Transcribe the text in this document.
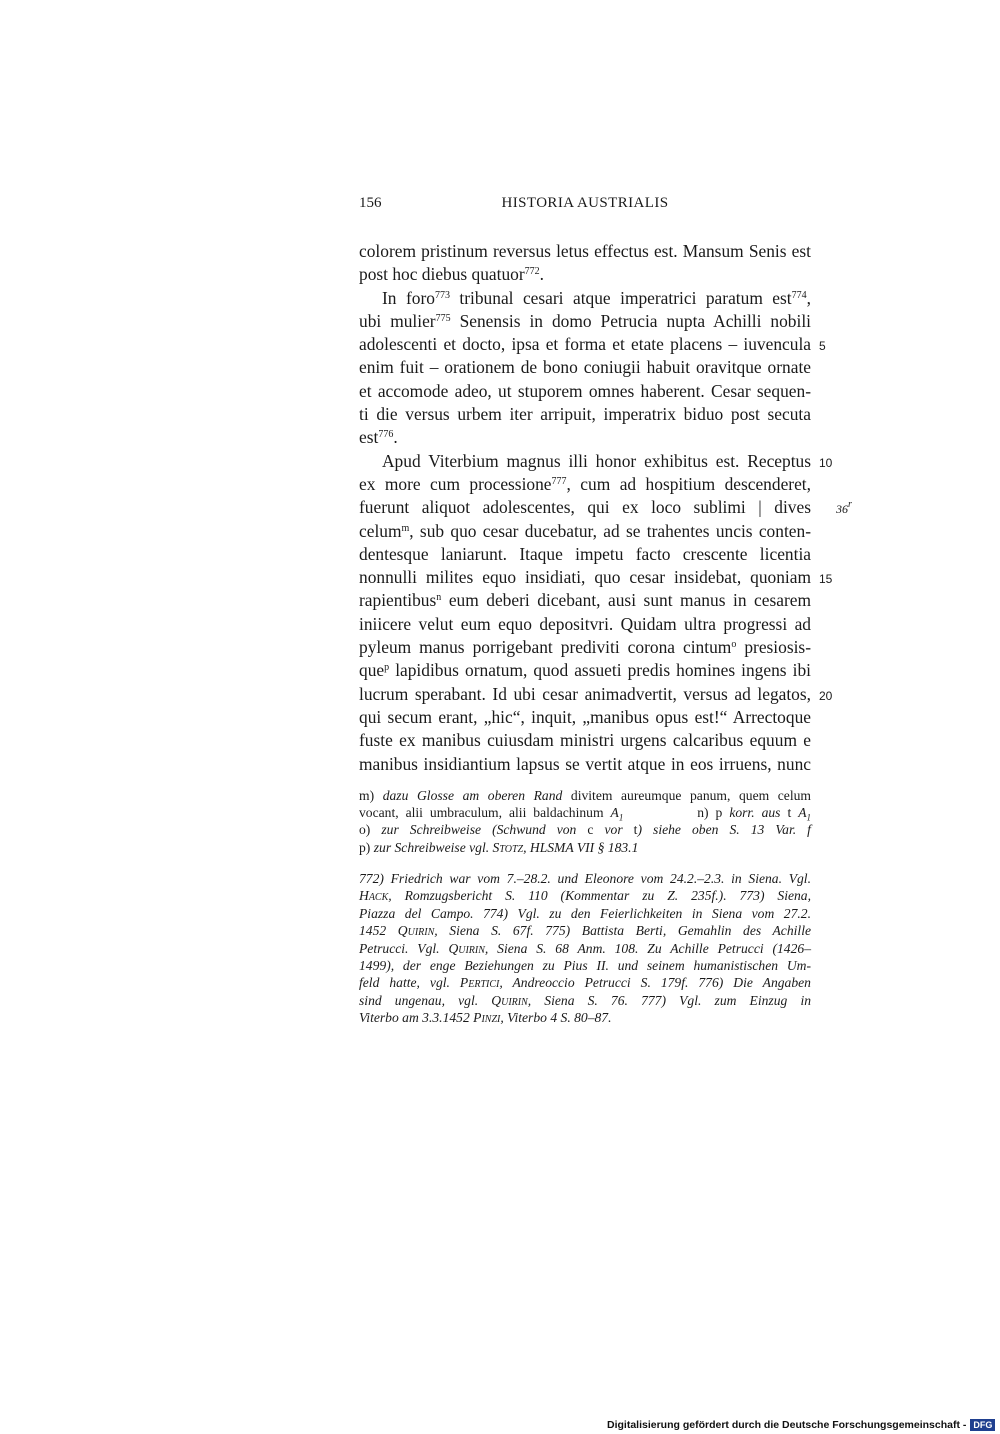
156	HISTORIA AUSTRIALIS
colorem pristinum reversus letus effectus est. Mansum Senis est
post hoc diebus quatuor$^{772}$.
In foro$^{773}$ tribunal cesari atque imperatrici paratum est$^{774}$,
ubi mulier$^{775}$ Senensis in domo Petrucia nupta Achilli nobili
adolescenti et docto, ipsa et forma et etate placens – iuvencula 5
enim fuit – orationem de bono coniugii habuit oravitque ornate
et accomode adeo, ut stuporem omnes haberent. Cesar sequen-
ti die versus urbem iter arripuit, imperatrix biduo post secuta
est$^{776}$.
Apud Viterbium magnus illi honor exhibitus est. Receptus 10
ex more cum processione$^{777}$, cum ad hospitium descenderet,
fuerunt aliquot adolescentes, qui ex loco sublimi | dives 36$^r$
celum$^m$, sub quo cesar ducebatur, ad se trahentes uncis conten-
dentesque laniarunt. Itaque impetu facto crescente licentia
nonnulli milites equo insidiati, quo cesar insidebat, quoniam 15
rapientibus$^n$ eum deberi dicebant, ausi sunt manus in cesarem
iniicere velut eum equo depositvri. Quidam ultra progressi ad
pyleum manus porrigebant prediviti corona cintum$^o$ presiosis-
que$^p$ lapidibus ornatum, quod assueti predis homines ingens ibi
lucrum sperabant. Id ubi cesar animadvertit, versus ad legatos, 20
qui secum erant, „hic“, inquit, „manibus opus est!“ Arrectoque
fuste ex manibus cuiusdam ministri urgens calcaribus equum e
manibus insidiantium lapsus se vertit atque in eos irruens, nunc
m) dazu Glosse am oberen Rand divitem aureumque panum, quem celum
vocant, alii umbraculum, alii baldachinum $A_1$	n) p korr. aus t $A_1$
o) zur Schreibweise (Schwund von c vor t) siehe oben S. 13 Var. f
p) zur Schreibweise vgl. Stotz, HLSMA VII § 183.1
772) Friedrich war vom 7.–28.2. und Eleonore vom 24.2.–2.3. in Siena. Vgl.
Hack, Romzugsbericht S. 110 (Kommentar zu Z. 235f.). 773) Siena,
Piazza del Campo. 774) Vgl. zu den Feierlichkeiten in Siena vom 27.2.
1452 Quirin, Siena S. 67f. 775) Battista Berti, Gemahlin des Achille
Petrucci. Vgl. Quirin, Siena S. 68 Anm. 108. Zu Achille Petrucci (1426–
1499), der enge Beziehungen zu Pius II. und seinem humanistischen Um-
feld hatte, vgl. Pertici, Andreoccio Petrucci S. 179f. 776) Die Angaben
sind ungenau, vgl. Quirin, Siena S. 76. 777) Vgl. zum Einzug in
Viterbo am 3.3.1452 Pinzi, Viterbo 4 S. 80–87.
Digitalisierung gefördert durch die Deutsche Forschungsgemeinschaft - DFG
